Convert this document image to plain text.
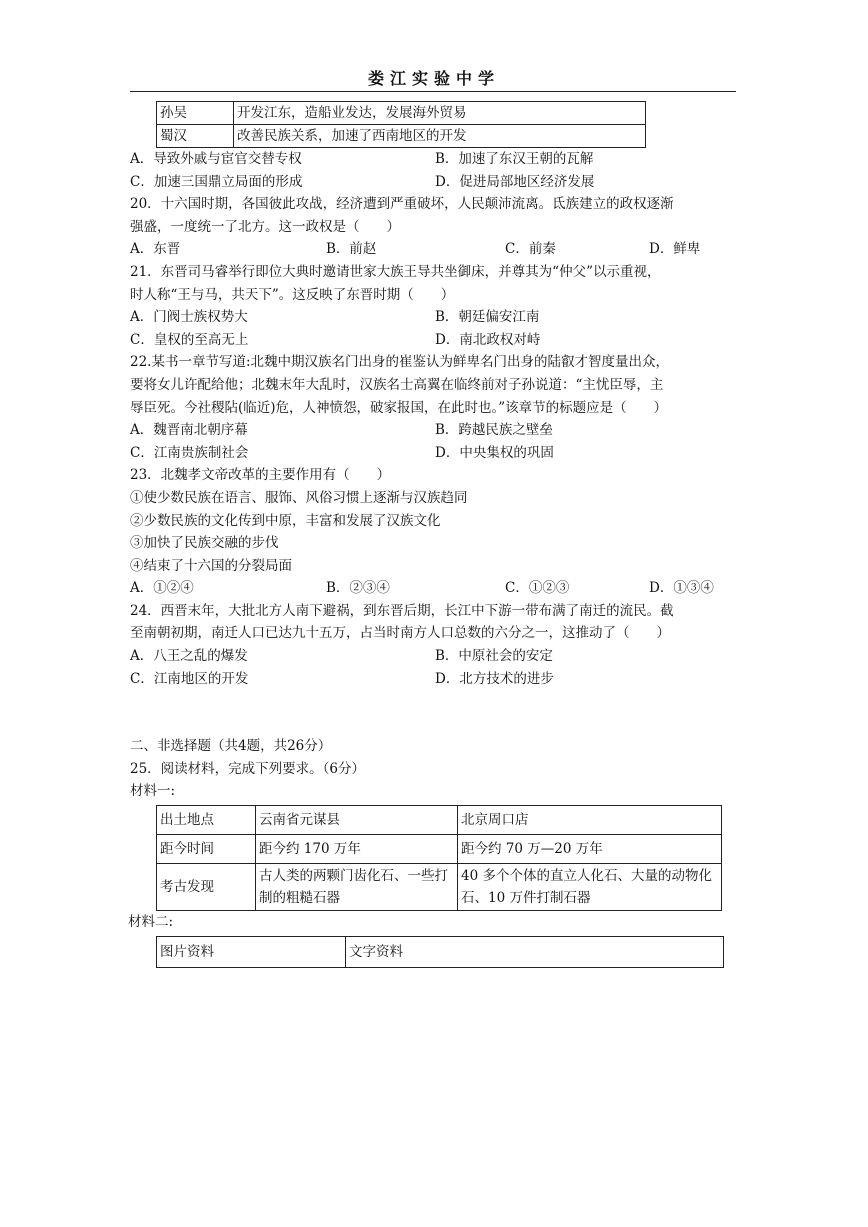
娄江实验中学
孙吴	开发江东，造船业发达，发展海外贸易
蜀汉	改善民族关系，加速了西南地区的开发
A．导致外戚与宦官交替专权	B．加速了东汉王朝的瓦解
C．加速三国鼎立局面的形成	D．促进局部地区经济发展
20．十六国时期，各国彼此攻战，经济遭到严重破坏，人民颠沛流离。氐族建立的政权逐渐
强盛，一度统一了北方。这一政权是（　　）
A．东晋	B．前赵	C．前秦	D．鲜卑
21．东晋司马睿举行即位大典时邀请世家大族王导共坐御床，并尊其为“仲父”以示重视，
时人称“王与马，共天下”。这反映了东晋时期（　　）
A．门阀士族权势大	B．朝廷偏安江南
C．皇权的至高无上	D．南北政权对峙
22.某书一章节写道:北魏中期汉族名门出身的崔鉴认为鲜卑名门出身的陆叡才智度量出众，
要将女儿许配给他；北魏末年大乱时，汉族名士高翼在临终前对子孙说道：“主忧臣辱，主
辱臣死。今社稷阽(临近)危，人神愤怨，破家报国，在此时也。”该章节的标题应是（　　）
A．魏晋南北朝序幕	B．跨越民族之壁垒
C．江南贵族制社会	D．中央集权的巩固
23．北魏孝文帝改革的主要作用有（　　）
①使少数民族在语言、服饰、风俗习惯上逐渐与汉族趋同
②少数民族的文化传到中原，丰富和发展了汉族文化
③加快了民族交融的步伐
④结束了十六国的分裂局面
A．①②④	B．②③④	C．①②③	D．①③④
24．西晋末年，大批北方人南下避祸，到东晋后期，长江中下游一带布满了南迁的流民。截
至南朝初期，南迁人口已达九十五万，占当时南方人口总数的六分之一，这推动了（　　）
A．八王之乱的爆发	B．中原社会的安定
C．江南地区的开发	D．北方技术的进步
二、非选择题（共4题，共26分）
25．阅读材料，完成下列要求。（6分）
材料一:
出土地点	云南省元谋县	北京周口店
距今时间	距今约 170 万年	距今约 70 万—20 万年
考古发现	古人类的两颗门齿化石、一些打制的粗糙石器	40 多个个体的直立人化石、大量的动物化石、10 万件打制石器
材料二:
图片资料	文字资料
